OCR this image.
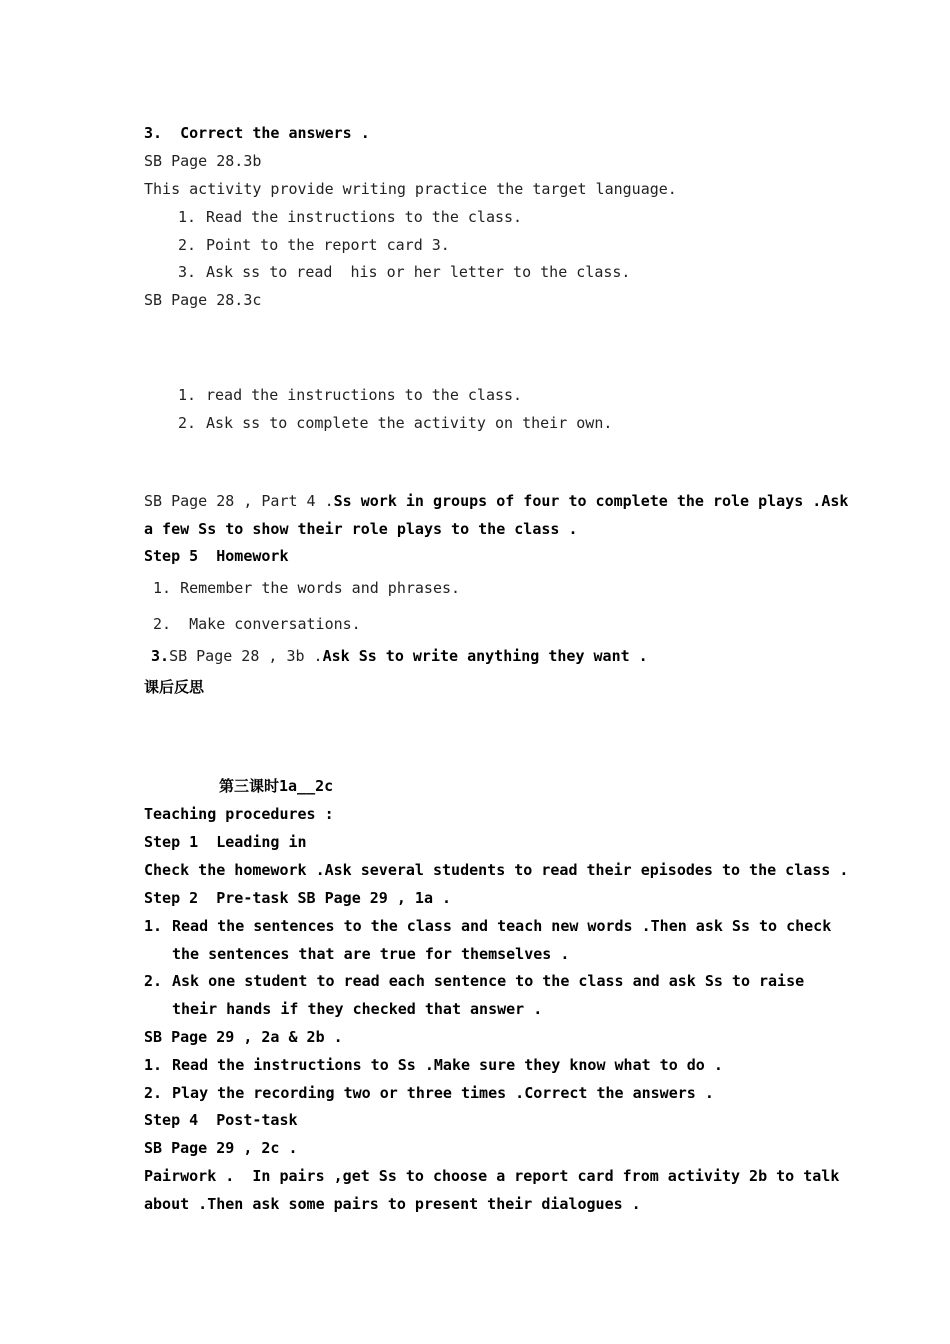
3.  Correct the answers .
SB Page 28.3b
This activity provide writing practice the target language.
1. Read the instructions to the class.
2. Point to the report card 3.
3. Ask ss to read  his or her letter to the class.
SB Page 28.3c
1. read the instructions to the class.
2. Ask ss to complete the activity on their own.
SB Page 28 , Part 4 .Ss work in groups of four to complete the role plays .Ask
a few Ss to show their role plays to the class .
Step 5  Homework
1. Remember the words and phrases.
2.  Make conversations.
3.SB Page 28 , 3b .Ask Ss to write anything they want .
课后反思
第三课时1a__2c
Teaching procedures :
Step 1  Leading in
Check the homework .Ask several students to read their episodes to the class .
Step 2  Pre-task SB Page 29 , 1a .
1. Read the sentences to the class and teach new words .Then ask Ss to check
the sentences that are true for themselves .
2. Ask one student to read each sentence to the class and ask Ss to raise
their hands if they checked that answer .
SB Page 29 , 2a & 2b .
1. Read the instructions to Ss .Make sure they know what to do .
2. Play the recording two or three times .Correct the answers .
Step 4  Post-task
SB Page 29 , 2c .
Pairwork .  In pairs ,get Ss to choose a report card from activity 2b to talk
about .Then ask some pairs to present their dialogues .
